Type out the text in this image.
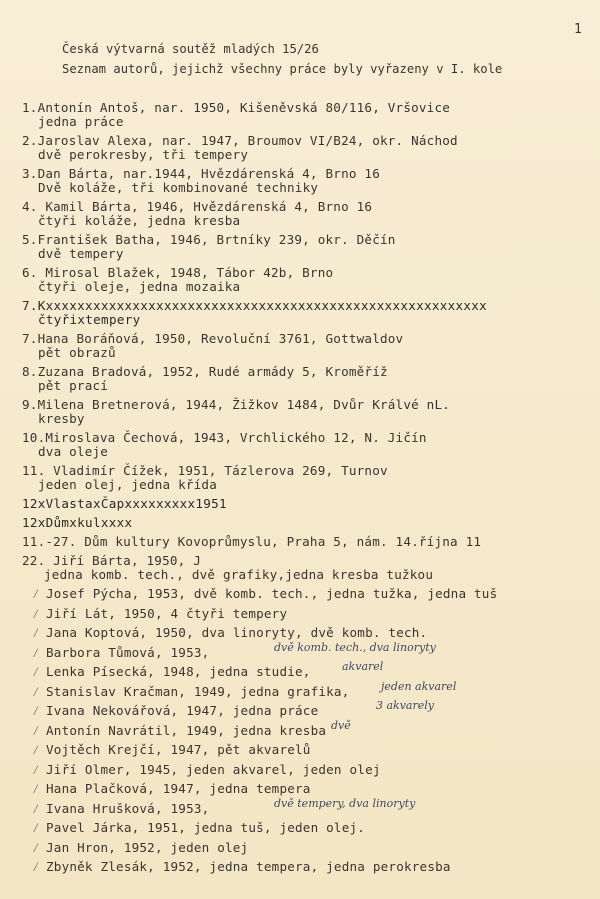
1
Česká výtvarná soutěž mladých 15/26
Seznam autorů, jejichž všechny práce byly vyřazeny v I. kole
1.Antonín Antoš, nar. 1950, Kišeněvská 80/116, Vršovice
jedna práce
2.Jaroslav Alexa, nar. 1947, Broumov VI/B24, okr. Náchod
dvě perokresby, tři tempery
3.Dan Bárta, nar.1944, Hvězdárenská 4, Brno 16
Dvě koláže, tři kombinované techniky
4. Kamil Bárta, 1946, Hvězdárenská 4, Brno 16
čtyři koláže, jedna kresba
5.František Batha, 1946, Brtníky 239, okr. Děčín
dvě tempery
6. Mirosal Blažek, 1948, Tábor 42b, Brno
čtyři oleje, jedna mozaika
7.Kxxxxxxxxxxxxxxxxxxxxxxxxxxxxxxxxxxxxxxxxxxxxxxxxxxxxxxxx
čtyřixtempery
7.Hana Boráňová, 1950, Revoluční 3761, Gottwaldov
pět obrazů
8.Zuzana Bradová, 1952, Rudé armády 5, Kroměříž
pět prací
9.Milena Bretnerová, 1944, Žižkov 1484, Dvůr Králvé nL.
kresby
10.Miroslava Čechová, 1943, Vrchlického 12, N. Jičín
dva oleje
11. Vladimír Čížek, 1951, Tázlerova 269, Turnov
jeden olej, jedna křída
12xVlastaxČapxxxxxxxxx1951
12xDůmxkulxxxx
11.-27. Dům kultury Kovoprůmyslu, Praha 5, nám. 14.října 11
22. Jiří Bárta, 1950, J
jedna komb. tech., dvě grafiky,jedna kresba tužkou
⁄ Josef Pýcha, 1953, dvě komb. tech., jedna tužka, jedna tuš
⁄ Jiří Lát, 1950, 4 čtyři tempery
⁄ Jana Koptová, 1950, dva linoryty, dvě komb. tech.
⁄ Barbora Tůmová, 1953,	dvě komb. tech., dva linoryty
⁄ Lenka Písecká, 1948, jedna studie,	akvarel
⁄ Stanislav Kračman, 1949, jedna grafika,	jeden akvarel
⁄ Ivana Nekovářová, 1947, jedna práce	3 akvarely
⁄ Antonín Navrátil, 1949, jedna kresba dvě
⁄ Vojtěch Krejčí, 1947, pět akvarelů
⁄ Jiří Olmer, 1945, jeden akvarel, jeden olej
⁄ Hana Plačková, 1947, jedna tempera
⁄ Ivana Hrušková, 1953,	dvě tempery, dva linoryty
⁄ Pavel Járka, 1951, jedna tuš, jeden olej.
⁄ Jan Hron, 1952, jeden olej
⁄ Zbyněk Zlesák, 1952, jedna tempera, jedna perokresba
